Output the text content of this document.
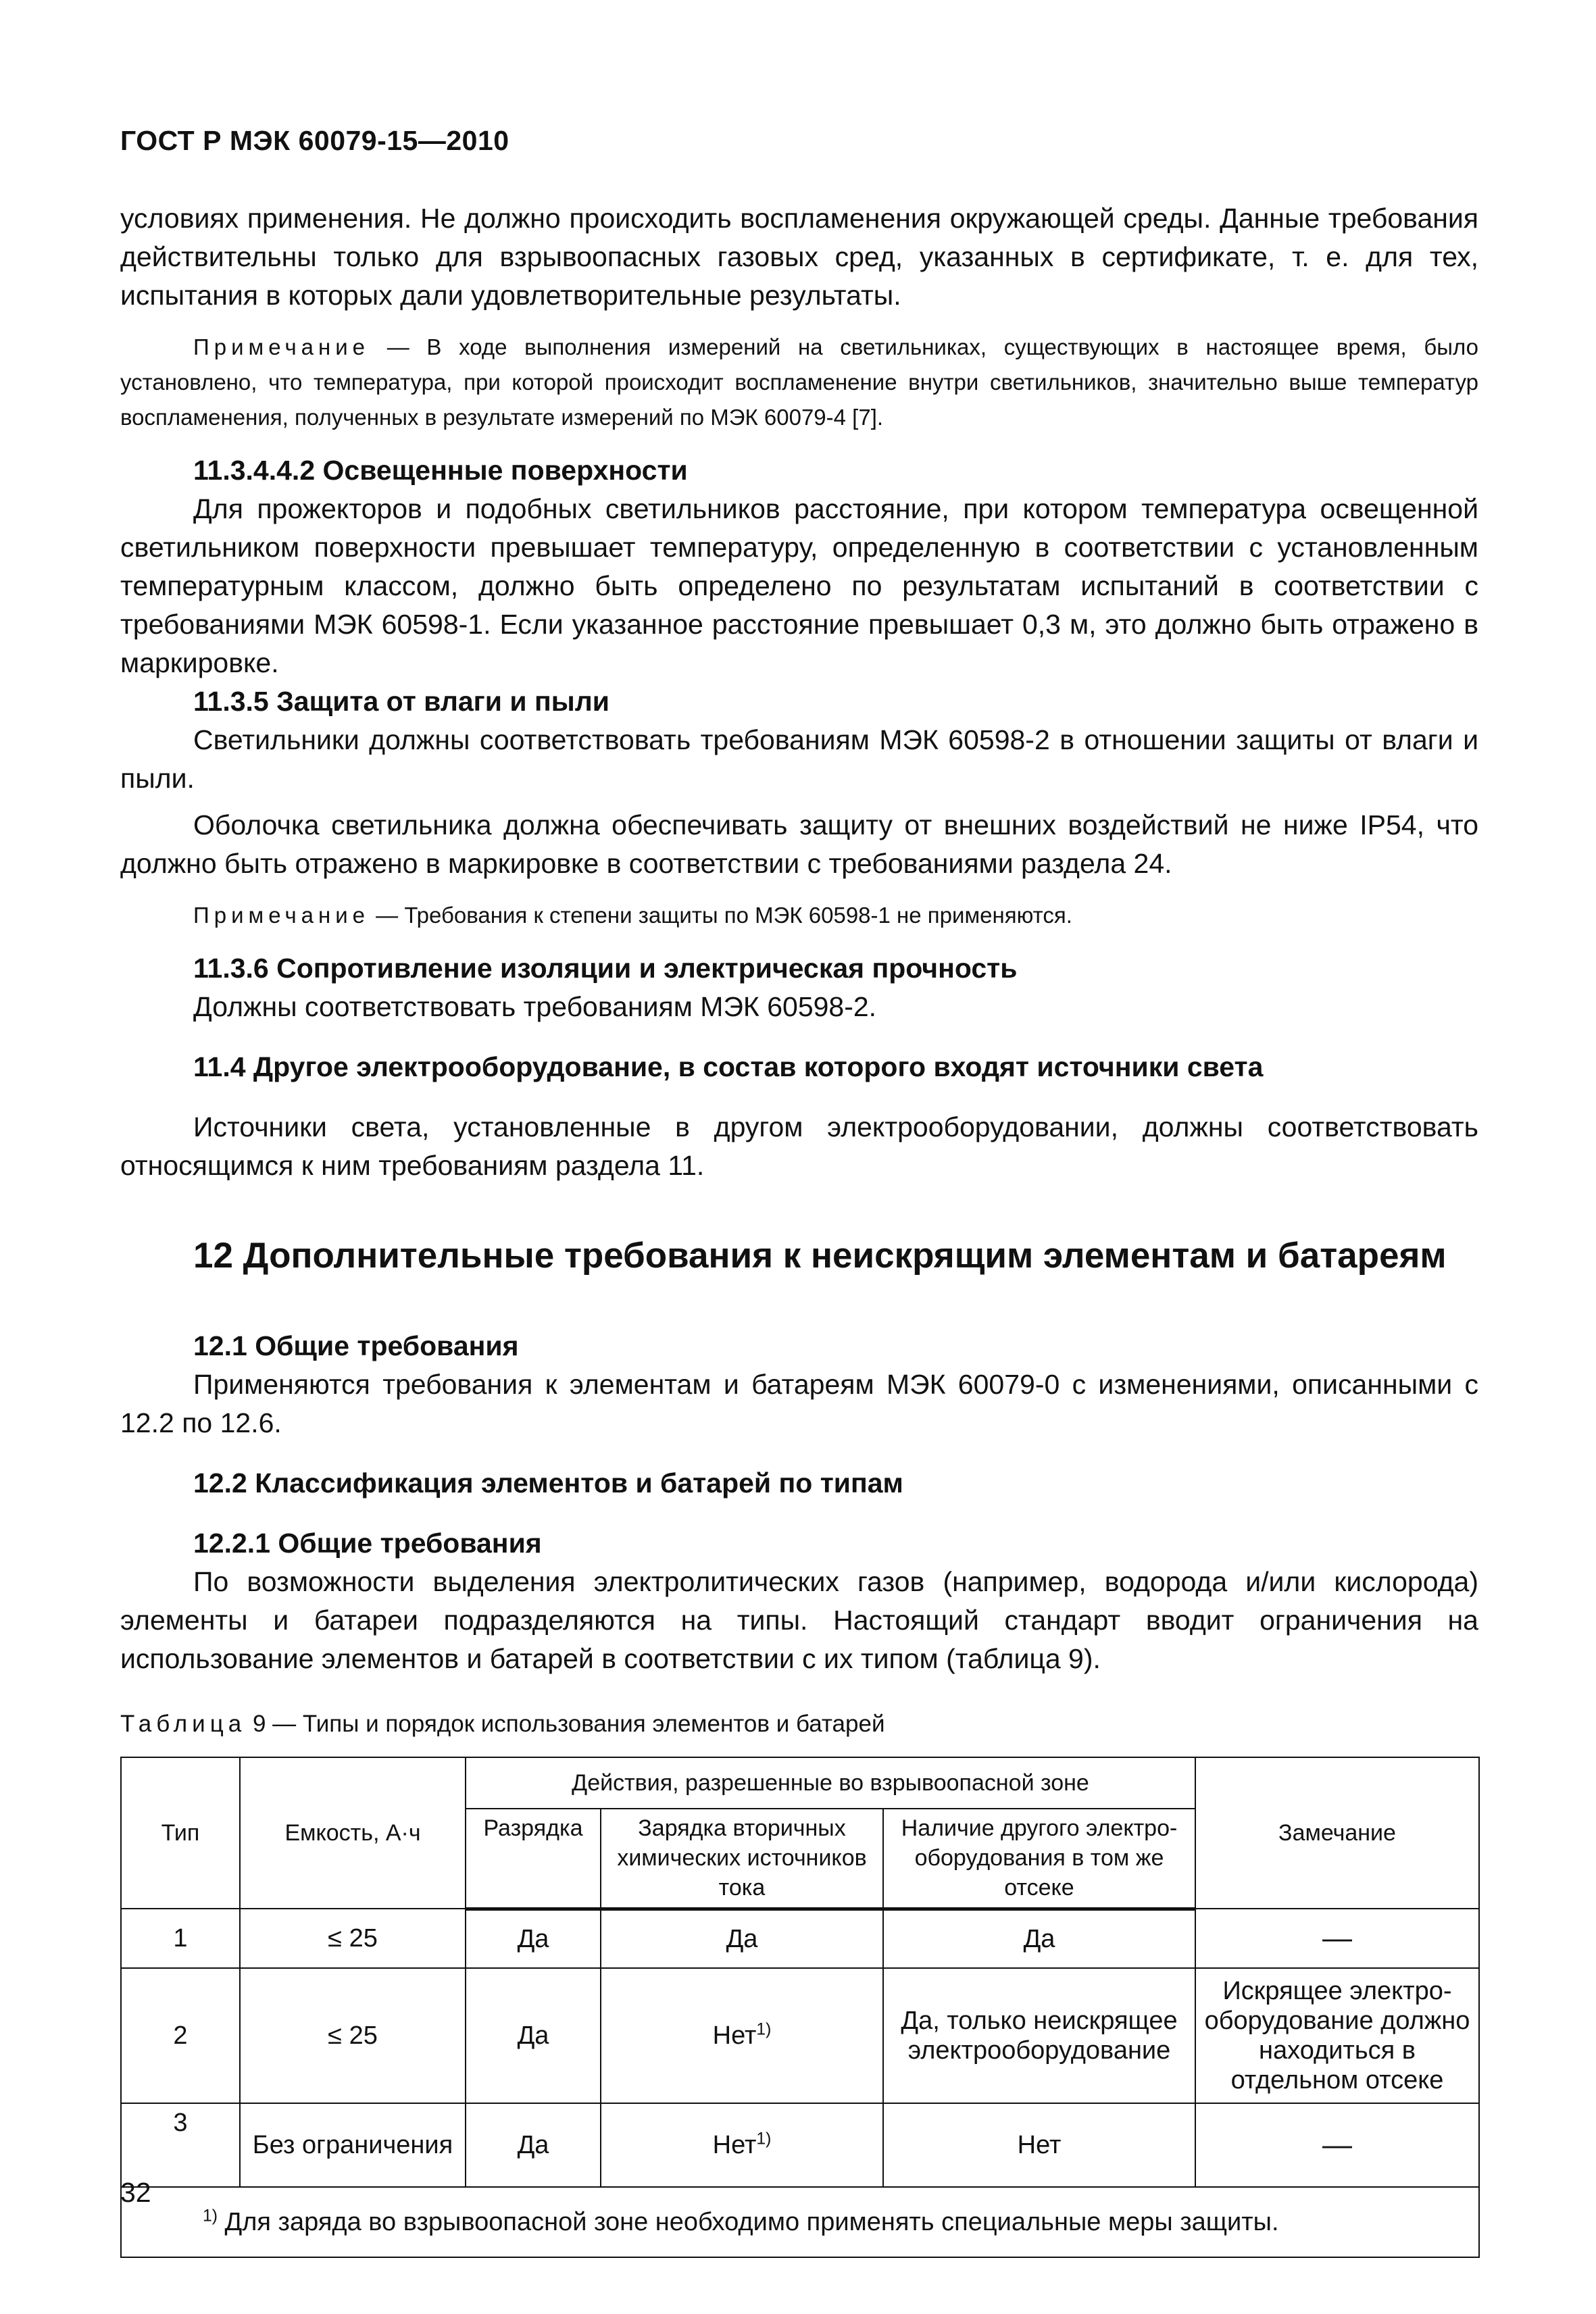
ГОСТ Р МЭК 60079-15—2010

условиях применения. Не должно происходить воспламенения окружающей среды. Данные требования действительны только для взрывоопасных газовых сред, указанных в сертификате, т. е. для тех, испытания в которых дали удовлетворительные результаты.

Примечание — В ходе выполнения измерений на светильниках, существующих в настоящее время, было установлено, что температура, при которой происходит воспламенение внутри светильников, значительно выше температур воспламенения, полученных в результате измерений по МЭК 60079-4 [7].

11.3.4.4.2 Освещенные поверхности

Для прожекторов и подобных светильников расстояние, при котором температура освещенной светильником поверхности превышает температуру, определенную в соответствии с установленным температурным классом, должно быть определено по результатам испытаний в соответствии с требованиями МЭК 60598-1. Если указанное расстояние превышает 0,3 м, это должно быть отражено в маркировке.

11.3.5 Защита от влаги и пыли

Светильники должны соответствовать требованиям МЭК 60598-2 в отношении защиты от влаги и пыли.

Оболочка светильника должна обеспечивать защиту от внешних воздействий не ниже IP54, что должно быть отражено в маркировке в соответствии с требованиями раздела 24.

Примечание — Требования к степени защиты по МЭК 60598-1 не применяются.

11.3.6 Сопротивление изоляции и электрическая прочность

Должны соответствовать требованиям МЭК 60598-2.

11.4 Другое электрооборудование, в состав которого входят источники света

Источники света, установленные в другом электрооборудовании, должны соответствовать относящимся к ним требованиям раздела 11.

12 Дополнительные требования к неискрящим элементам и батареям

12.1 Общие требования

Применяются требования к элементам и батареям МЭК 60079-0 с изменениями, описанными с 12.2 по 12.6.

12.2 Классификация элементов и батарей по типам

12.2.1 Общие требования

По возможности выделения электролитических газов (например, водорода и/или кислорода) элементы и батареи подразделяются на типы. Настоящий стандарт вводит ограничения на использование элементов и батарей в соответствии с их типом (таблица 9).

Таблица 9 — Типы и порядок использования элементов и батарей

Тип	Емкость, А·ч	Действия, разрешенные во взрывоопасной зоне			Замечание
		Разрядка	Зарядка вторичных химических источников тока	Наличие другого электро-оборудования в том же отсеке	
1	≤ 25	Да	Да	Да	—
2	≤ 25	Да	Нет$^{1)}$	Да, только неискрящее электрооборудование	Искрящее электро-оборудование должно находиться в отдельном отсеке
3	Без ограничения	Да	Нет$^{1)}$	Нет	—
$^{1)}$ Для заряда во взрывоопасной зоне необходимо применять специальные меры защиты.					
32
